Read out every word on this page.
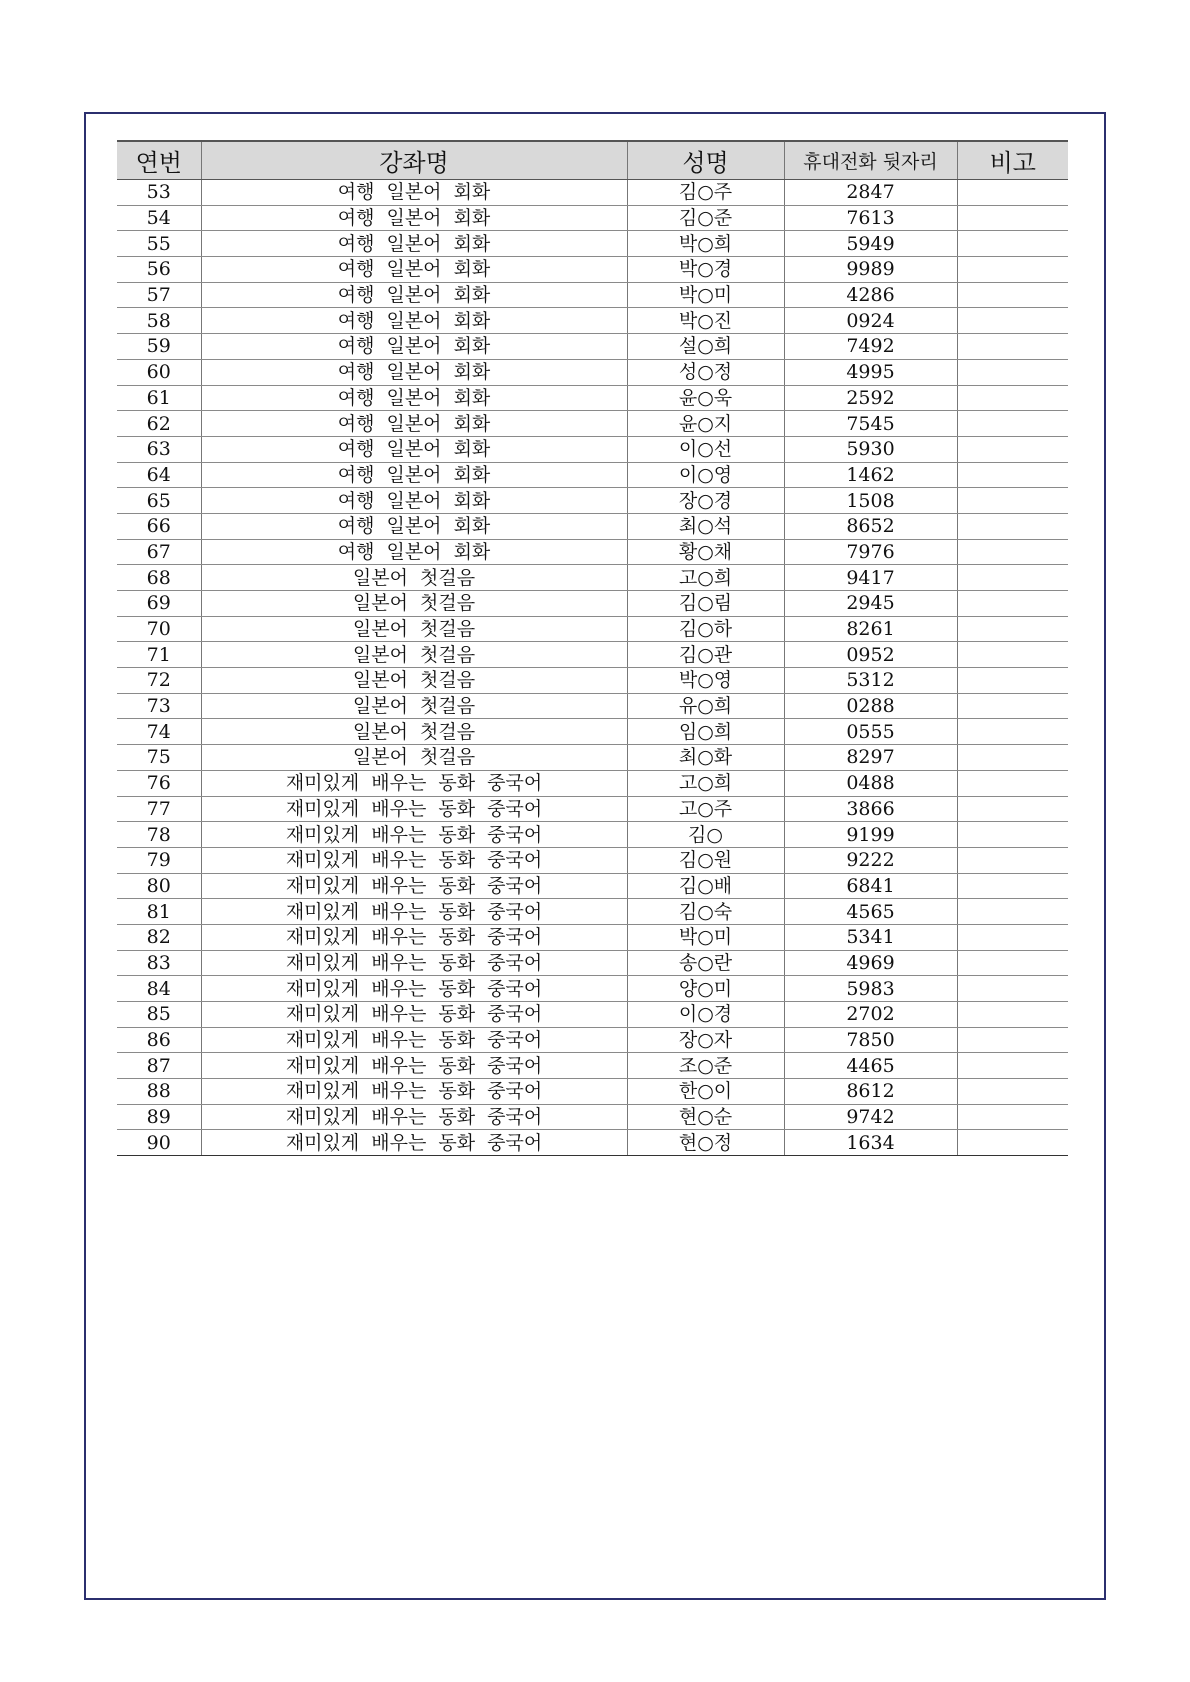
연번	강좌명	성명	휴대전화 뒷자리	비고
53	여행 일본어 회화	김○주	2847	
54	여행 일본어 회화	김○준	7613	
55	여행 일본어 회화	박○희	5949	
56	여행 일본어 회화	박○경	9989	
57	여행 일본어 회화	박○미	4286	
58	여행 일본어 회화	박○진	0924	
59	여행 일본어 회화	설○희	7492	
60	여행 일본어 회화	성○정	4995	
61	여행 일본어 회화	윤○욱	2592	
62	여행 일본어 회화	윤○지	7545	
63	여행 일본어 회화	이○선	5930	
64	여행 일본어 회화	이○영	1462	
65	여행 일본어 회화	장○경	1508	
66	여행 일본어 회화	최○석	8652	
67	여행 일본어 회화	황○채	7976	
68	일본어 첫걸음	고○희	9417	
69	일본어 첫걸음	김○림	2945	
70	일본어 첫걸음	김○하	8261	
71	일본어 첫걸음	김○관	0952	
72	일본어 첫걸음	박○영	5312	
73	일본어 첫걸음	유○희	0288	
74	일본어 첫걸음	임○희	0555	
75	일본어 첫걸음	최○화	8297	
76	재미있게 배우는 동화 중국어	고○희	0488	
77	재미있게 배우는 동화 중국어	고○주	3866	
78	재미있게 배우는 동화 중국어	김○	9199	
79	재미있게 배우는 동화 중국어	김○원	9222	
80	재미있게 배우는 동화 중국어	김○배	6841	
81	재미있게 배우는 동화 중국어	김○숙	4565	
82	재미있게 배우는 동화 중국어	박○미	5341	
83	재미있게 배우는 동화 중국어	송○란	4969	
84	재미있게 배우는 동화 중국어	양○미	5983	
85	재미있게 배우는 동화 중국어	이○경	2702	
86	재미있게 배우는 동화 중국어	장○자	7850	
87	재미있게 배우는 동화 중국어	조○준	4465	
88	재미있게 배우는 동화 중국어	한○이	8612	
89	재미있게 배우는 동화 중국어	현○순	9742	
90	재미있게 배우는 동화 중국어	현○정	1634	
